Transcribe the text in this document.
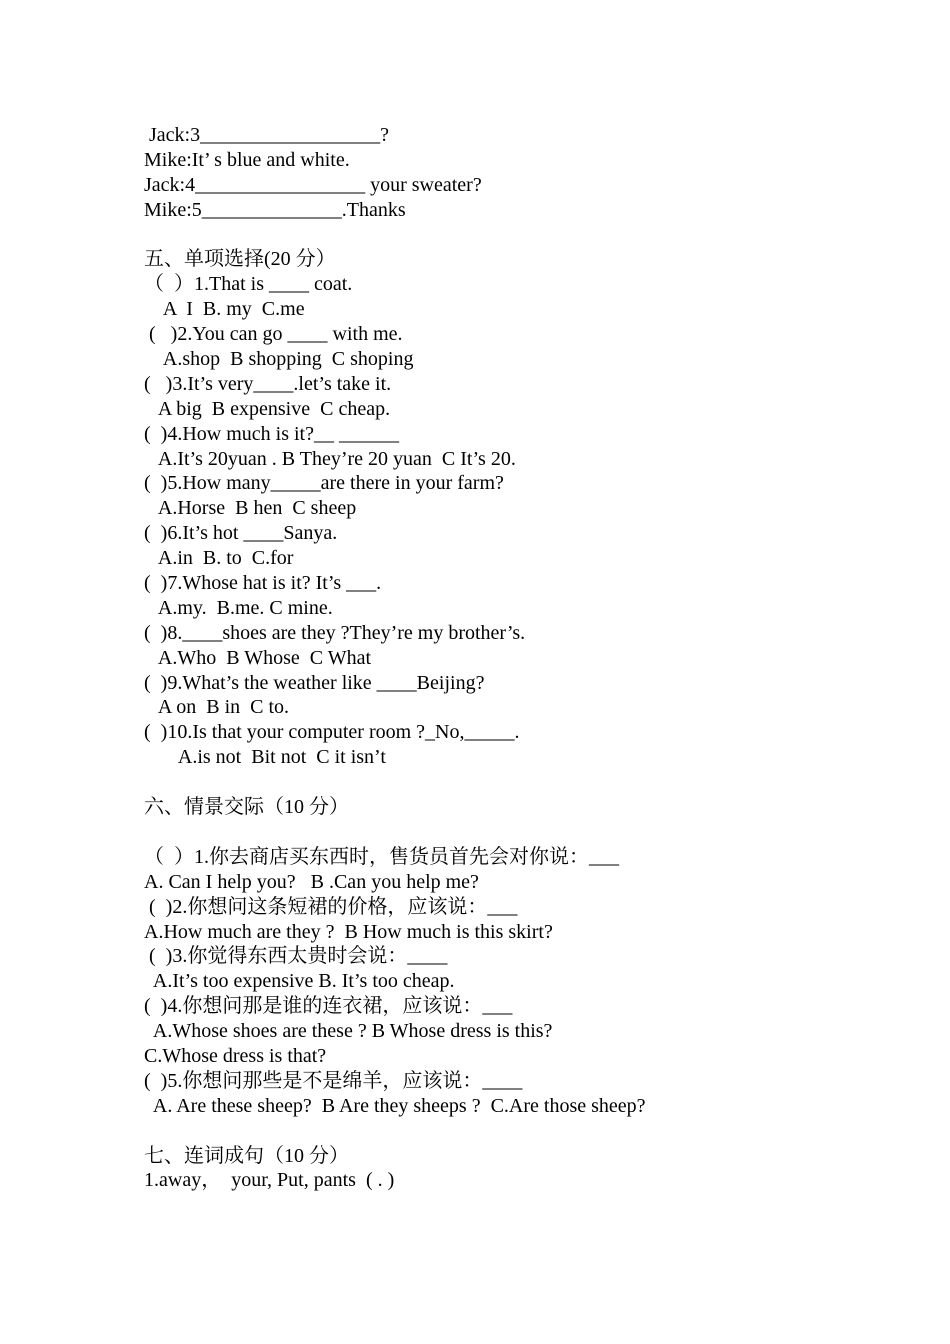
Jack:3__________________?
Mike:It’ s blue and white.
Jack:4_________________ your sweater?
Mike:5______________.Thanks
五、单项选择(20 分）
（  ）1.That is ____ coat.
A  I  B. my  C.me
(   )2.You can go ____ with me.
A.shop  B shopping  C shoping
(   )3.It’s very____.let’s take it.
A big  B expensive  C cheap.
(  )4.How much is it?__ ______
A.It’s 20yuan . B They’re 20 yuan  C It’s 20.
(  )5.How many_____are there in your farm?
A.Horse  B hen  C sheep
(  )6.It’s hot ____Sanya.
A.in  B. to  C.for
(  )7.Whose hat is it? It’s ___.
A.my.  B.me. C mine.
(  )8.____shoes are they ?They’re my brother’s.
A.Who  B Whose  C What
(  )9.What’s the weather like ____Beijing?
A on  B in  C to.
(  )10.Is that your computer room ?_No,_____.
A.is not  Bit not  C it isn’t
六、情景交际（10 分）
（  ）1.你去商店买东西时，售货员首先会对你说：___
A. Can I help you?   B .Can you help me?
(  )2.你想问这条短裙的价格，应该说：___
A.How much are they ?  B How much is this skirt?
(  )3.你觉得东西太贵时会说：____
A.It’s too expensive B. It’s too cheap.
(  )4.你想问那是谁的连衣裙，应该说：___
A.Whose shoes are these ? B Whose dress is this?
C.Whose dress is that?
(  )5.你想问那些是不是绵羊，应该说：____
A. Are these sheep?  B Are they sheeps ?  C.Are those sheep?
七、连词成句（10 分）
1.away，  your, Put, pants  ( . )
